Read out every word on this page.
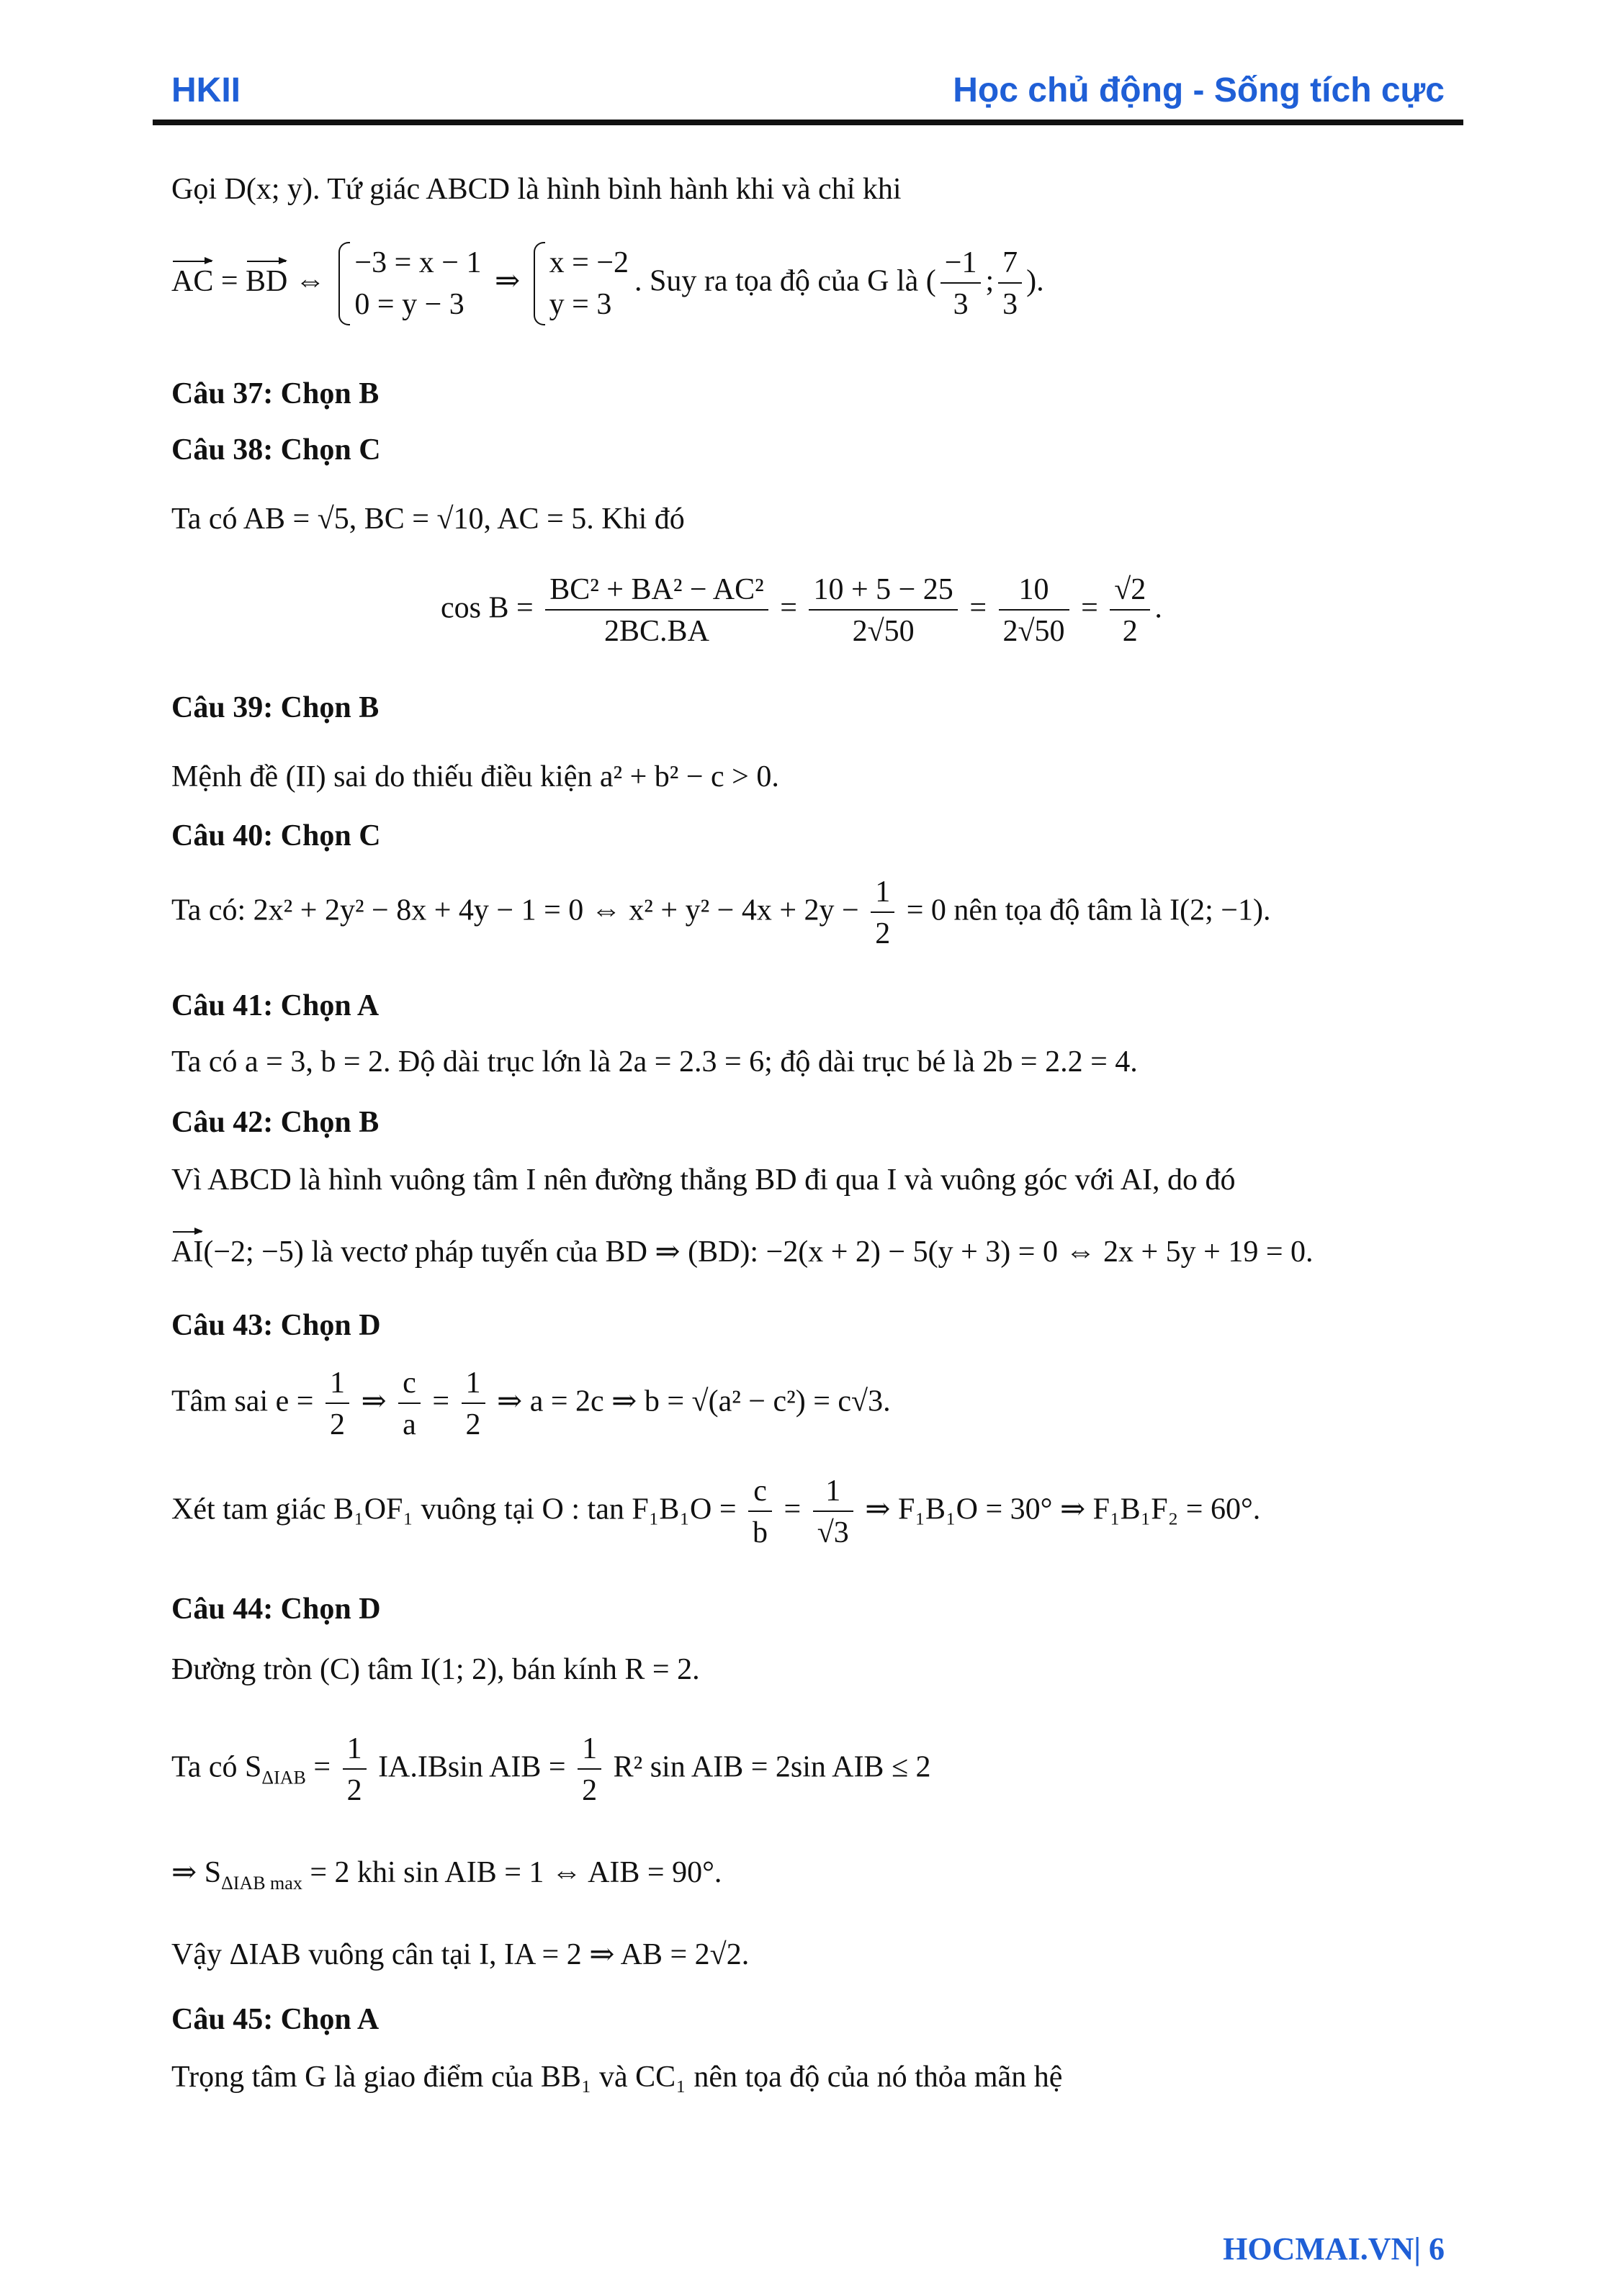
HKII	Học chủ động - Sống tích cực
Gọi D(x; y). Tứ giác ABCD là hình bình hành khi và chỉ khi
AC = BD ⇔
−3 = x − 1
0 = y − 3
⇒
x = −2
y = 3
. Suy ra tọa độ của G là ( $\frac{-1}{3}$ ; $\frac{7}{3}$ ).
Câu 37: Chọn B
Câu 38: Chọn C
Ta có AB = √5, BC = √10, AC = 5. Khi đó
$\cos B = \frac{\text{BC² + BA² − AC²}}{2BC.BA} = \frac{10 + 5 - 25}{2√50} = \frac{10}{2√50} = \frac{√2}{2}$ .
Câu 39: Chọn B
Mệnh đề (II) sai do thiếu điều kiện a² + b² − c > 0.
Câu 40: Chọn C
Ta có: 2x² + 2y² − 8x + 4y − 1 = 0 ⇔ $x^2 + y^2 - 4x + 2y - \frac{1}{2} = 0$ nên tọa độ tâm là I(2; −1).
Câu 41: Chọn A
Ta có a = 3, b = 2. Độ dài trục lớn là 2a = 2.3 = 6; độ dài trục bé là 2b = 2.2 = 4.
Câu 42: Chọn B
Vì ABCD là hình vuông tâm I nên đường thẳng BD đi qua I và vuông góc với AI, do đó
AI(−2; −5) là vectơ pháp tuyến của BD ⇒ (BD): −2(x + 2) − 5(y + 3) = 0 ⇔ 2x + 5y + 19 = 0.
Câu 43: Chọn D
Tâm sai $e = \frac{1}{2}$ ⇒ $\frac{c}{a} = \frac{1}{2}$ ⇒ a = 2c ⇒ b = √(a² − c²) = c√3.
Xét tam giác B₁OF₁ vuông tại O : $\tan F_1B_1O = \frac{c}{b} = \frac{1}{√3}$ ⇒ F₁B₁O = 30° ⇒ F₁B₁F₂ = 60°.
Câu 44: Chọn D
Đường tròn (C) tâm I(1; 2), bán kính R = 2.
Ta có $S_{\Delta IAB} = \frac{1}{2} IA.IBsin$ AIB = $\frac{1}{2} R^2$ sin AIB = 2sin AIB ≤ 2
⇒ $S_{\Delta IAB max} = 2$ khi sin AIB = 1 ⇔ AIB = 90°.
Vậy ΔIAB vuông cân tại I, IA = 2 ⇒ AB = 2√2.
Câu 45: Chọn A
Trọng tâm G là giao điểm của BB₁ và CC₁ nên tọa độ của nó thỏa mãn hệ
HOCMAI.VN| 6
